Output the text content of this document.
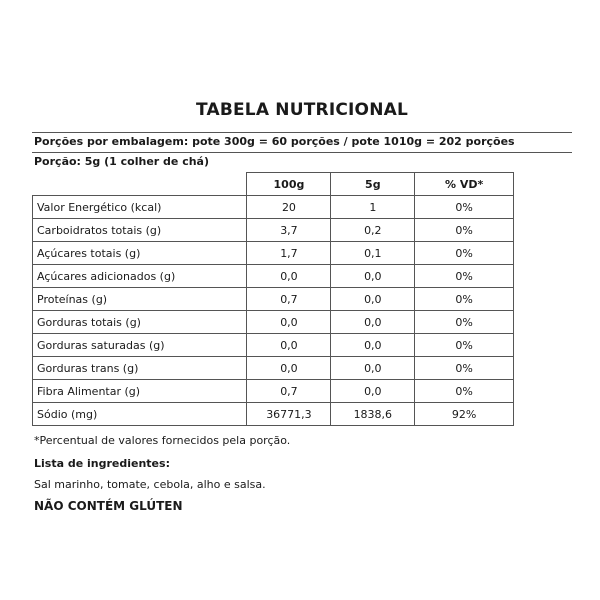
TABELA NUTRICIONAL
Porções por embalagem: pote 300g = 60 porções / pote 1010g = 202 porções
Porção: 5g (1 colher de chá)
	100g	5g	% VD*
Valor Energético (kcal)	20	1	0%
Carboidratos totais (g)	3,7	0,2	0%
Açúcares totais (g)	1,7	0,1	0%
Açúcares adicionados (g)	0,0	0,0	0%
Proteínas (g)	0,7	0,0	0%
Gorduras totais (g)	0,0	0,0	0%
Gorduras saturadas (g)	0,0	0,0	0%
Gorduras trans (g)	0,0	0,0	0%
Fibra Alimentar (g)	0,7	0,0	0%
Sódio (mg)	36771,3	1838,6	92%
*Percentual de valores fornecidos pela porção.
Lista de ingredientes:
Sal marinho, tomate, cebola, alho e salsa.
NÃO CONTÉM GLÚTEN
